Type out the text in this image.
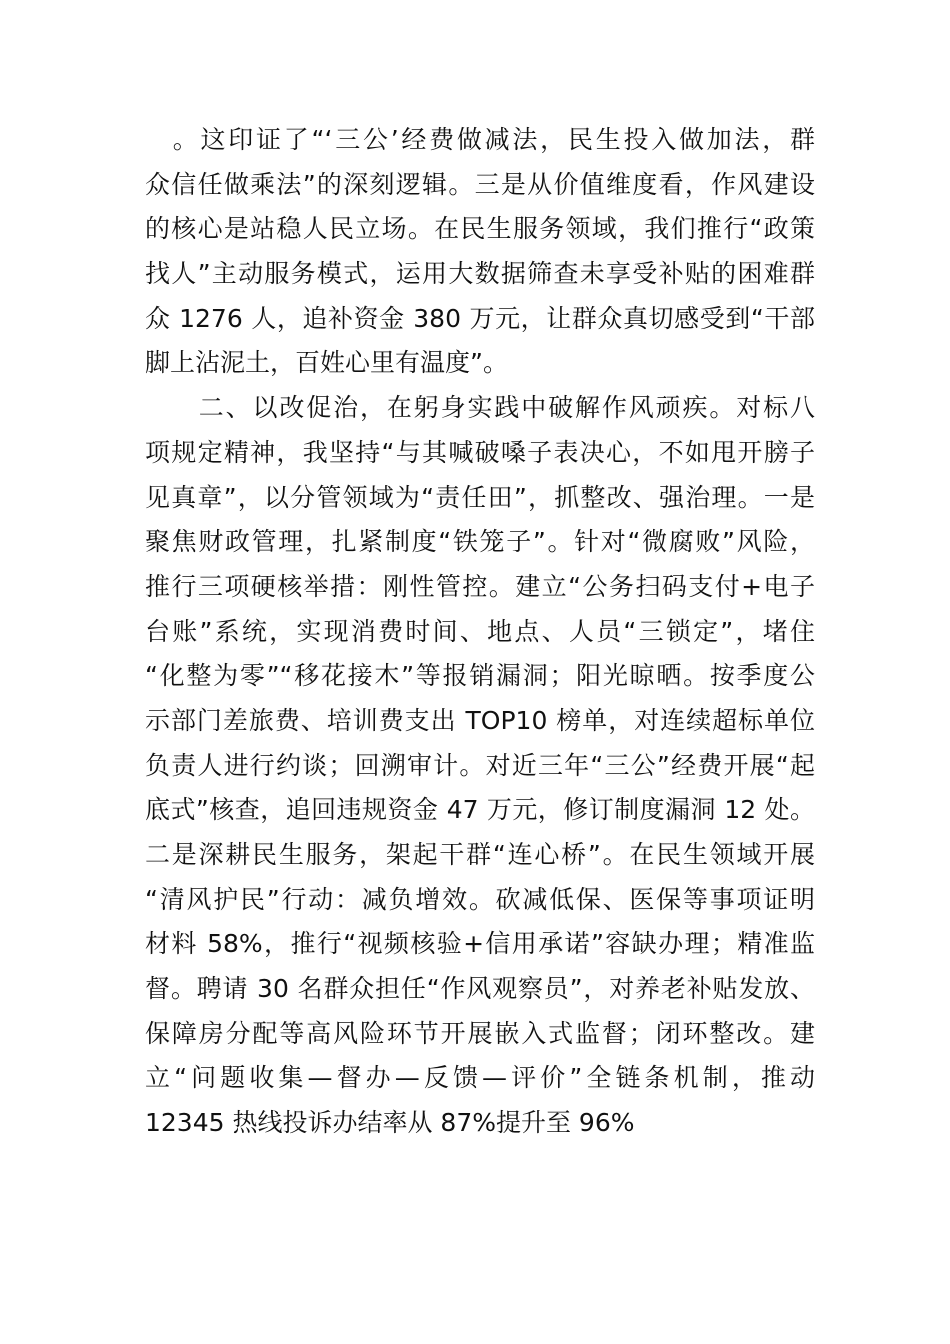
　。这印证了“‘三公’经费做减法，民生投入做加法，群
众信任做乘法”的深刻逻辑。三是从价值维度看，作风建设
的核心是站稳人民立场。在民生服务领域，我们推行“政策
找人”主动服务模式，运用大数据筛查未享受补贴的困难群
众 1276 人，追补资金 380 万元，让群众真切感受到“干部
脚上沾泥土，百姓心里有温度”。
　　二、以改促治，在躬身实践中破解作风顽疾。对标八
项规定精神，我坚持“与其喊破嗓子表决心，不如甩开膀子
见真章”，以分管领域为“责任田”，抓整改、强治理。一是
聚焦财政管理，扎紧制度“铁笼子”。针对“微腐败”风险，
推行三项硬核举措：刚性管控。建立“公务扫码支付+电子
台账”系统，实现消费时间、地点、人员“三锁定”，堵住
“化整为零”“移花接木”等报销漏洞；阳光晾晒。按季度公
示部门差旅费、培训费支出 TOP10 榜单，对连续超标单位
负责人进行约谈；回溯审计。对近三年“三公”经费开展“起
底式”核查，追回违规资金 47 万元，修订制度漏洞 12 处。
二是深耕民生服务，架起干群“连心桥”。在民生领域开展
“清风护民”行动：减负增效。砍减低保、医保等事项证明
材料 58%，推行“视频核验+信用承诺”容缺办理；精准监
督。聘请 30 名群众担任“作风观察员”，对养老补贴发放、
保障房分配等高风险环节开展嵌入式监督；闭环整改。建
立“问题收集—督办—反馈—评价”全链条机制，推动
12345 热线投诉办结率从 87%提升至 96%
